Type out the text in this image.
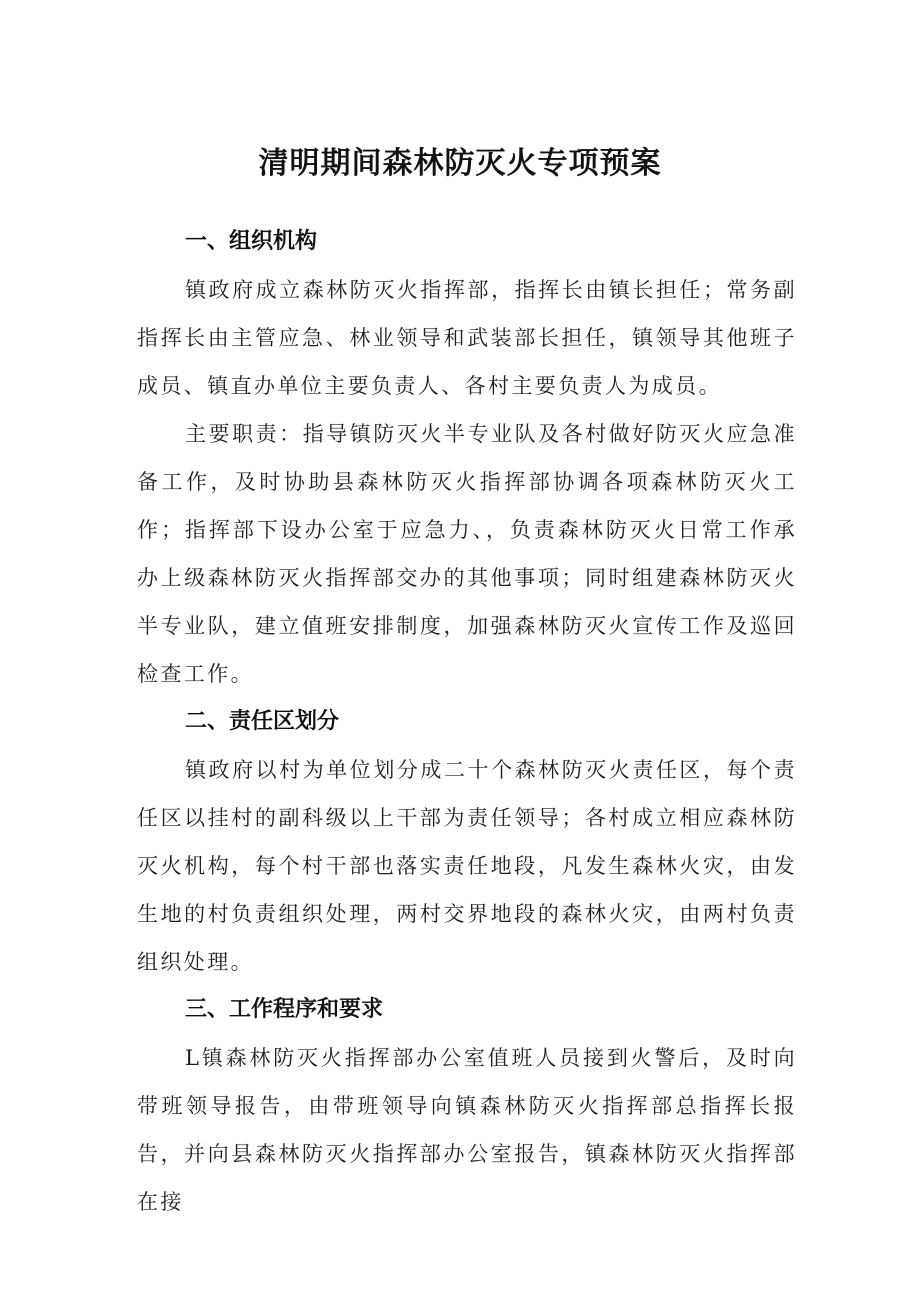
清明期间森林防灭火专项预案
一、组织机构

镇政府成立森林防灭火指挥部，指挥长由镇长担任；常务副指挥长由主管应急、林业领导和武装部长担任，镇领导其他班子成员、镇直办单位主要负责人、各村主要负责人为成员。

主要职责：指导镇防灭火半专业队及各村做好防灭火应急准备工作，及时协助县森林防灭火指挥部协调各项森林防灭火工作；指挥部下设办公室于应急力、，负责森林防灭火日常工作承办上级森林防灭火指挥部交办的其他事项；同时组建森林防灭火半专业队，建立值班安排制度，加强森林防灭火宣传工作及巡回检查工作。

二、责任区划分

镇政府以村为单位划分成二十个森林防灭火责任区，每个责任区以挂村的副科级以上干部为责任领导；各村成立相应森林防灭火机构，每个村干部也落实责任地段，凡发生森林火灾，由发生地的村负责组织处理，两村交界地段的森林火灾，由两村负责组织处理。

三、工作程序和要求

L镇森林防灭火指挥部办公室值班人员接到火警后，及时向带班领导报告，由带班领导向镇森林防灭火指挥部总指挥长报告，并向县森林防灭火指挥部办公室报告，镇森林防灭火指挥部在接
